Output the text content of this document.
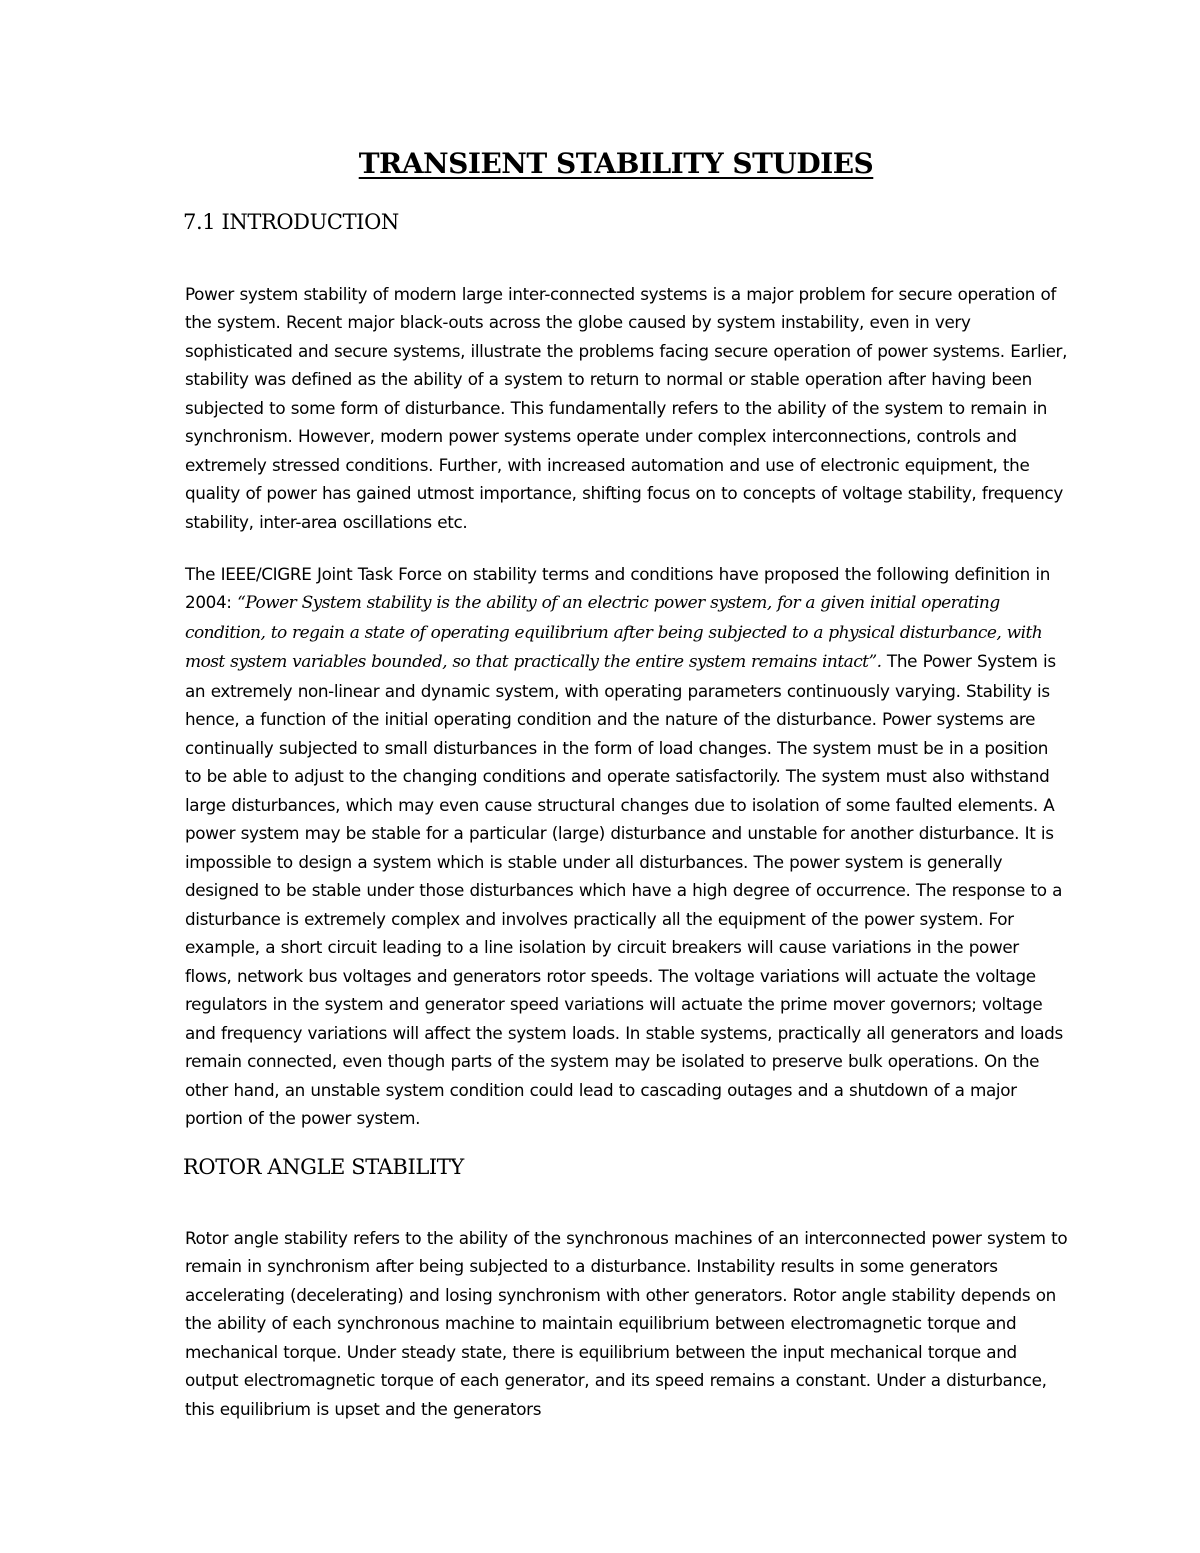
TRANSIENT STABILITY STUDIES
7.1 INTRODUCTION

Power system stability of modern large inter-connected systems is a major problem for secure operation of the system. Recent major black-outs across the globe caused by system instability, even in very sophisticated and secure systems, illustrate the problems facing secure operation of power systems. Earlier, stability was defined as the ability of a system to return to normal or stable operation after having been subjected to some form of disturbance. This fundamentally refers to the ability of the system to remain in synchronism. However, modern power systems operate under complex interconnections, controls and extremely stressed conditions. Further, with increased automation and use of electronic equipment, the quality of power has gained utmost importance, shifting focus on to concepts of voltage stability, frequency stability, inter-area oscillations etc.

The IEEE/CIGRE Joint Task Force on stability terms and conditions have proposed the following definition in 2004: “Power System stability is the ability of an electric power system, for a given initial operating condition, to regain a state of operating equilibrium after being subjected to a physical disturbance, with most system variables bounded, so that practically the entire system remains intact”. The Power System is an extremely non-linear and dynamic system, with operating parameters continuously varying. Stability is hence, a function of the initial operating condition and the nature of the disturbance. Power systems are continually subjected to small disturbances in the form of load changes. The system must be in a position to be able to adjust to the changing conditions and operate satisfactorily. The system must also withstand large disturbances, which may even cause structural changes due to isolation of some faulted elements. A power system may be stable for a particular (large) disturbance and unstable for another disturbance. It is impossible to design a system which is stable under all disturbances. The power system is generally designed to be stable under those disturbances which have a high degree of occurrence. The response to a disturbance is extremely complex and involves practically all the equipment of the power system. For example, a short circuit leading to a line isolation by circuit breakers will cause variations in the power flows, network bus voltages and generators rotor speeds. The voltage variations will actuate the voltage regulators in the system and generator speed variations will actuate the prime mover governors; voltage and frequency variations will affect the system loads. In stable systems, practically all generators and loads remain connected, even though parts of the system may be isolated to preserve bulk operations. On the other hand, an unstable system condition could lead to cascading outages and a shutdown of a major portion of the power system.

ROTOR ANGLE STABILITY

Rotor angle stability refers to the ability of the synchronous machines of an interconnected power system to remain in synchronism after being subjected to a disturbance. Instability results in some generators accelerating (decelerating) and losing synchronism with other generators. Rotor angle stability depends on the ability of each synchronous machine to maintain equilibrium between electromagnetic torque and mechanical torque. Under steady state, there is equilibrium between the input mechanical torque and output electromagnetic torque of each generator, and its speed remains a constant. Under a disturbance, this equilibrium is upset and the generators
